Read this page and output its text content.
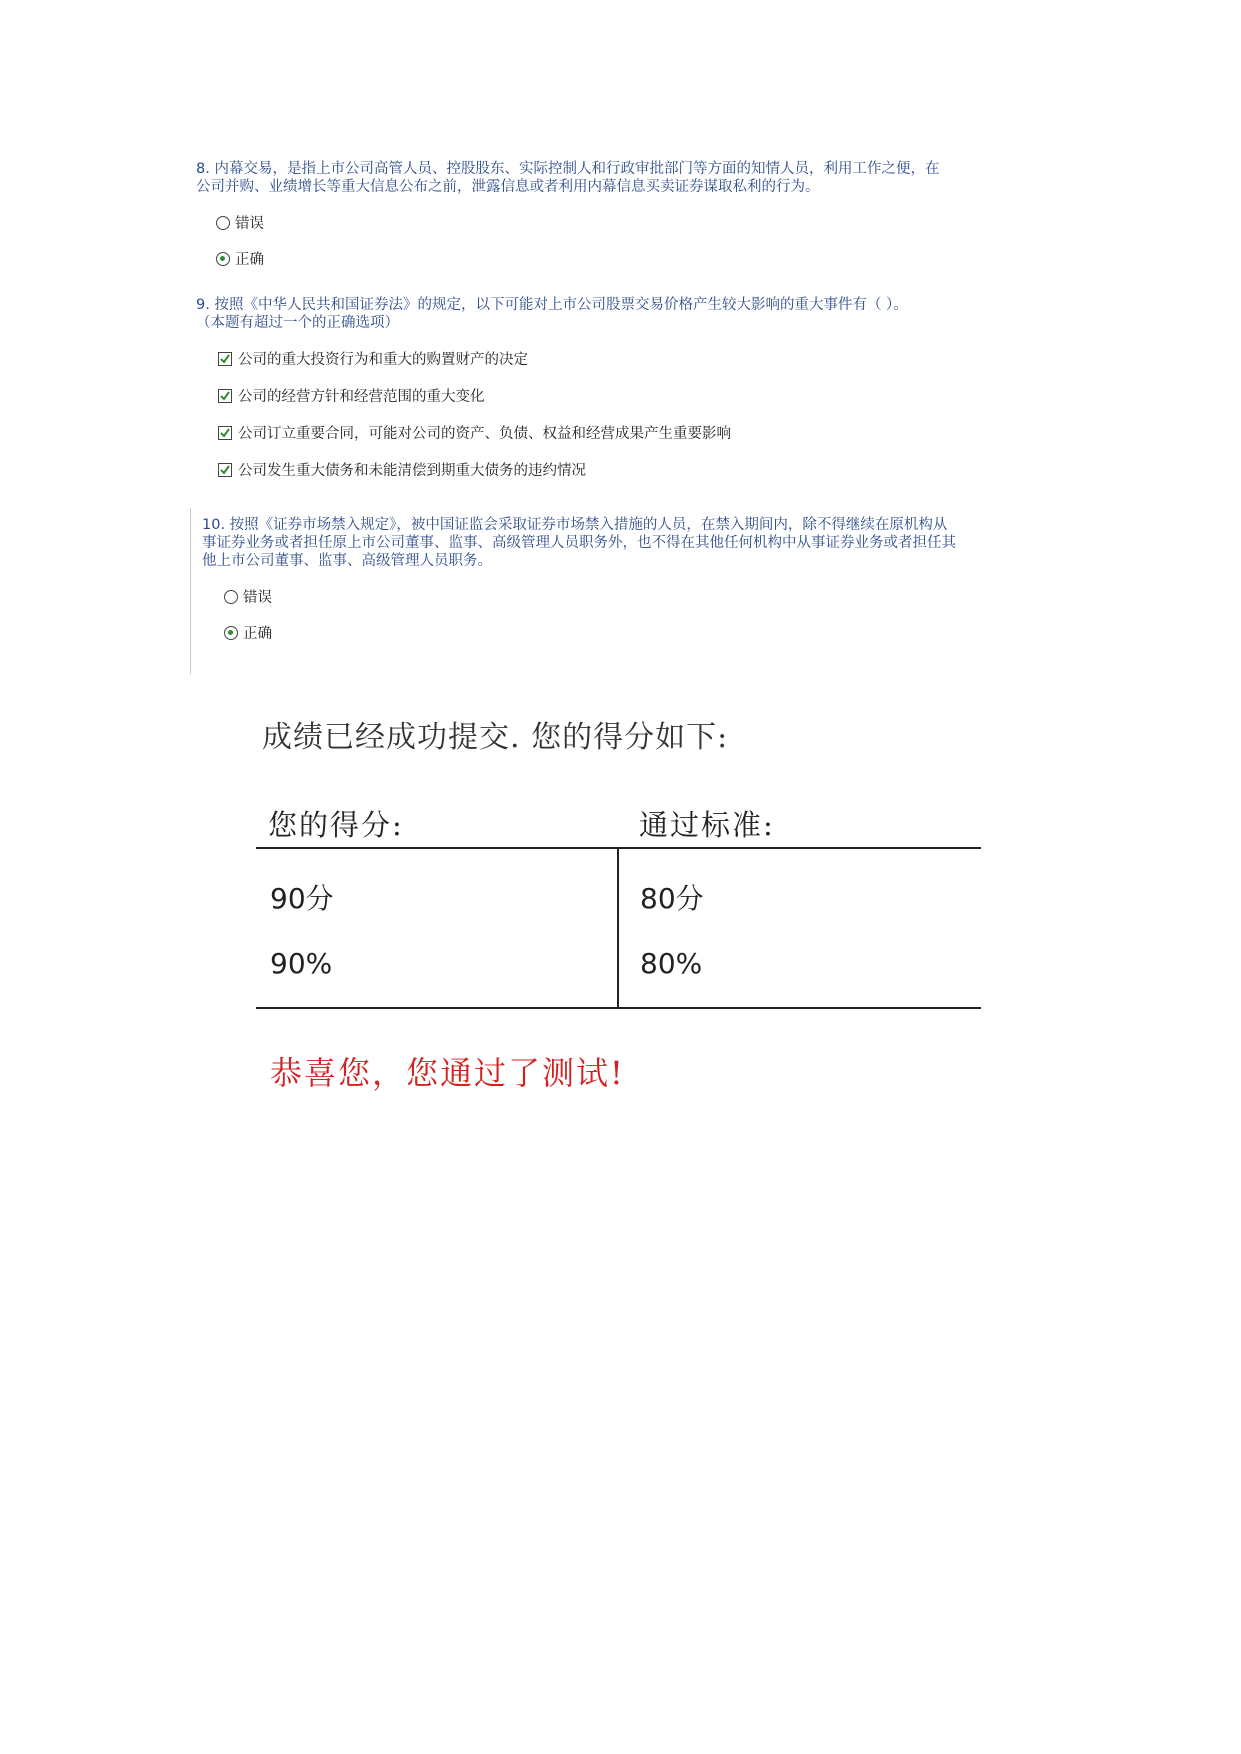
8. 内幕交易，是指上市公司高管人员、控股股东、实际控制人和行政审批部门等方面的知情人员，利用工作之便，在

公司并购、业绩增长等重大信息公布之前，泄露信息或者利用内幕信息买卖证券谋取私利的行为。

错误
正确

9. 按照《中华人民共和国证券法》的规定，以下可能对上市公司股票交易价格产生较大影响的重大事件有（ ）。

（本题有超过一个的正确选项）

公司的重大投资行为和重大的购置财产的决定
公司的经营方针和经营范围的重大变化
公司订立重要合同，可能对公司的资产、负债、权益和经营成果产生重要影响
公司发生重大债务和未能清偿到期重大债务的违约情况

10. 按照《证券市场禁入规定》，被中国证监会采取证券市场禁入措施的人员，在禁入期间内，除不得继续在原机构从

事证券业务或者担任原上市公司董事、监事、高级管理人员职务外，也不得在其他任何机构中从事证券业务或者担任其

他上市公司董事、监事、高级管理人员职务。

错误
正确
成绩已经成功提交. 您的得分如下:
您的得分:	通过标准:
90分	80分
90%	80%
恭喜您，您通过了测试!
